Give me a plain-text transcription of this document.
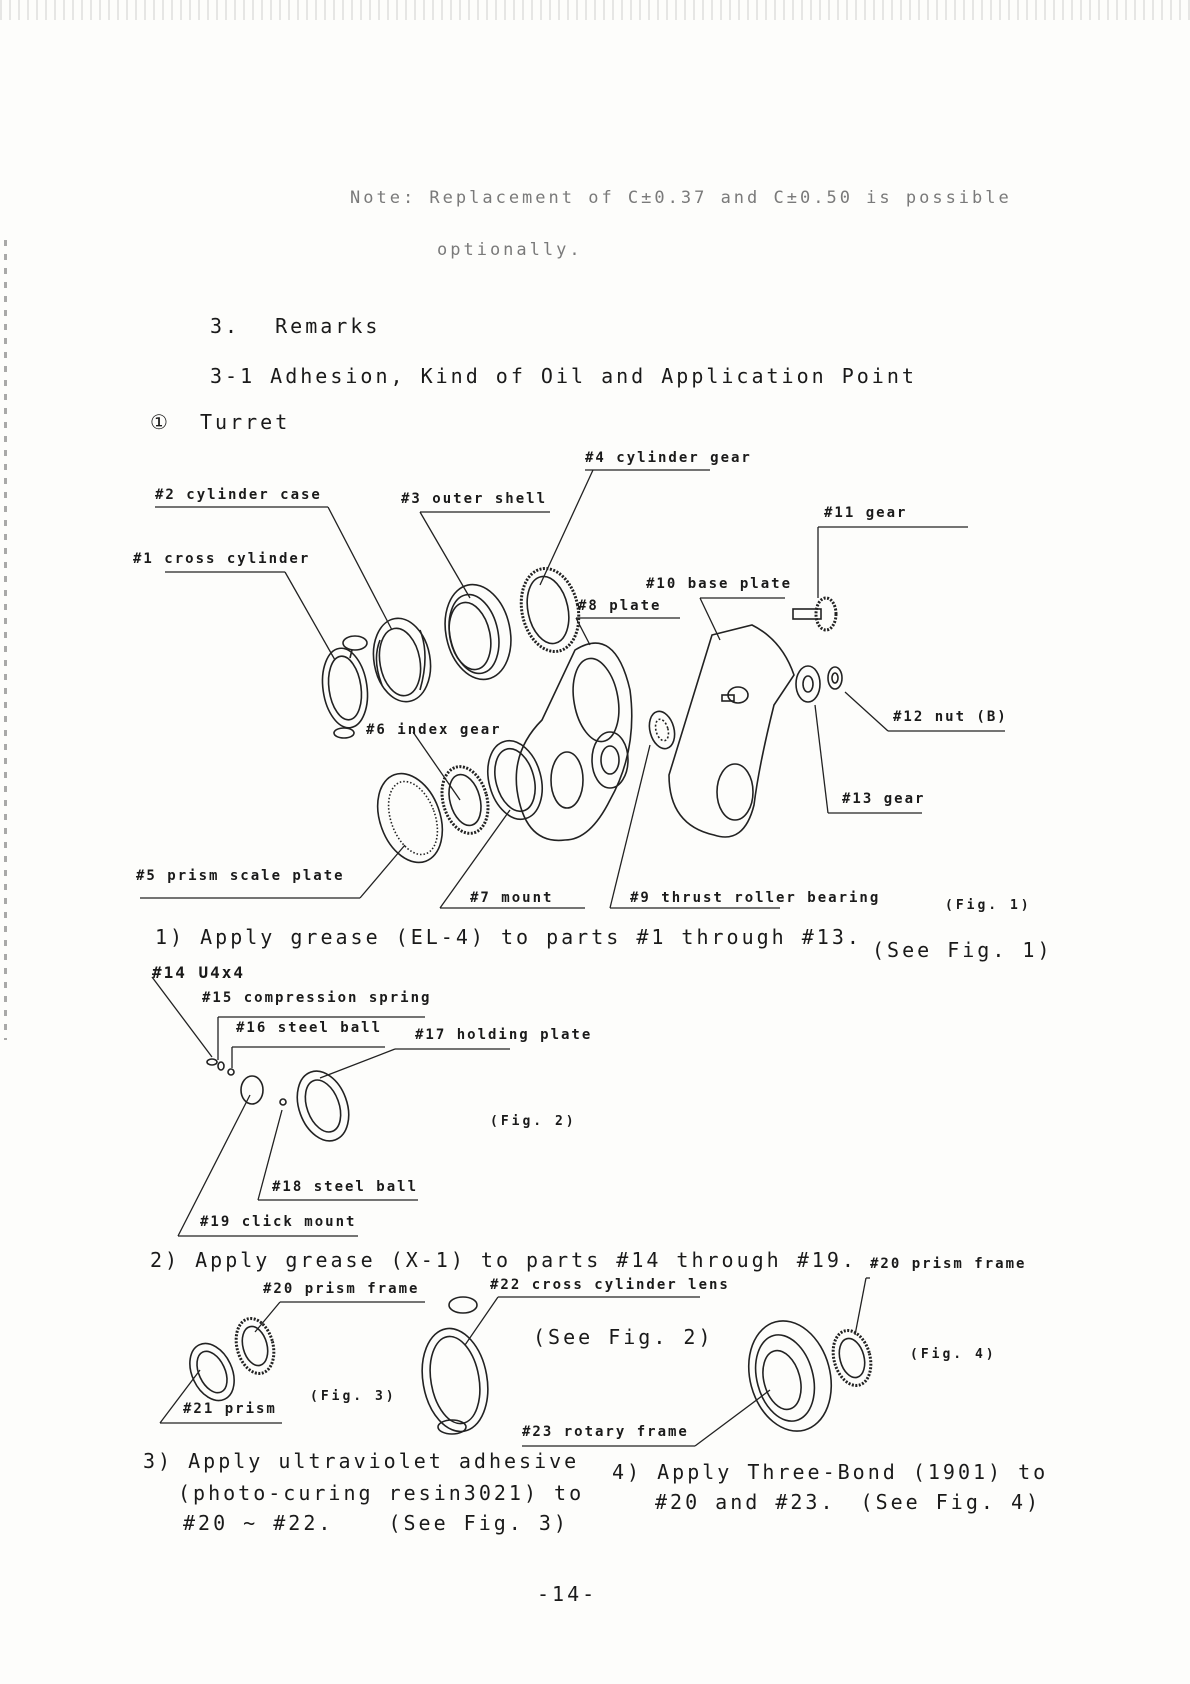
Note: Replacement of C±0.37 and C±0.50 is possible
optionally.
3. Remarks
3-1 Adhesion, Kind of Oil and Application Point
① Turret
#2 cylinder case
#1 cross cylinder
#3 outer shell
#4 cylinder gear
#11 gear
#10 base plate
#8 plate
#12 nut (B)
#6 index gear
#13 gear
#5 prism scale plate
#7 mount	#9 thrust roller bearing	(Fig. 1)
1) Apply grease (EL-4) to parts #1 through #13.
(See Fig. 1)
#14 U4x4
#15 compression spring
#16 steel ball #17 holding plate
(Fig. 2)
#18 steel ball
#19 click mount
2) Apply grease (X-1) to parts #14 through #19. #20 prism frame
#20 prism frame	#22 cross cylinder lens
(See Fig. 2)
(Fig. 4)
(Fig. 3)
#21 prism
#23 rotary frame
3) Apply ultraviolet adhesive
(photo-curing resin3021) to
#20 ~ #22.	(See Fig. 3)
4) Apply Three-Bond (1901) to
#20 and #23. (See Fig. 4)
-14-
